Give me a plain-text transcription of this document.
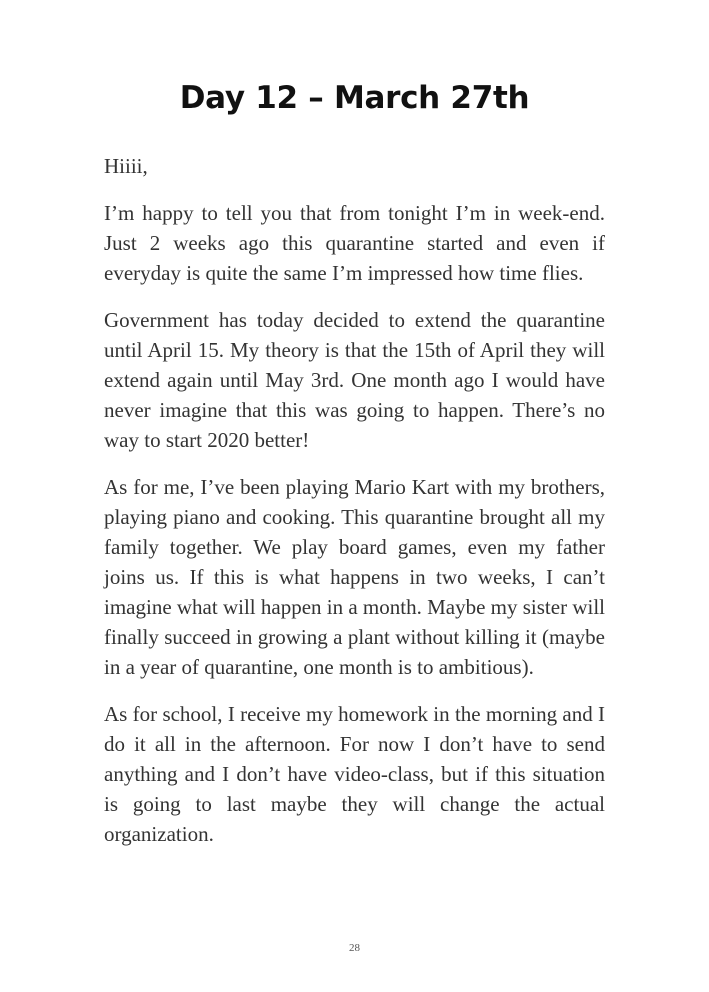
Day 12 – March 27th

Hiiii,

I’m happy to tell you that from tonight I’m in week-end. Just 2 weeks ago this quarantine started and even if everyday is quite the same I’m impressed how time flies.

Government has today decided to extend the quarantine until April 15. My theory is that the 15th of April they will extend again until May 3rd. One month ago I would have never imagine that this was going to happen. There’s no way to start 2020 better!

As for me, I’ve been playing Mario Kart with my brothers, playing piano and cooking. This quarantine brought all my family together. We play board games, even my father joins us. If this is what happens in two weeks, I can’t imagine what will happen in a month. Maybe my sister will finally succeed in growing a plant without killing it (maybe in a year of quarantine, one month is to ambitious).

As for school, I receive my homework in the morning and I do it all in the afternoon. For now I don’t have to send anything and I don’t have video-class, but if this situation is going to last maybe they will change the actual organization.

28
